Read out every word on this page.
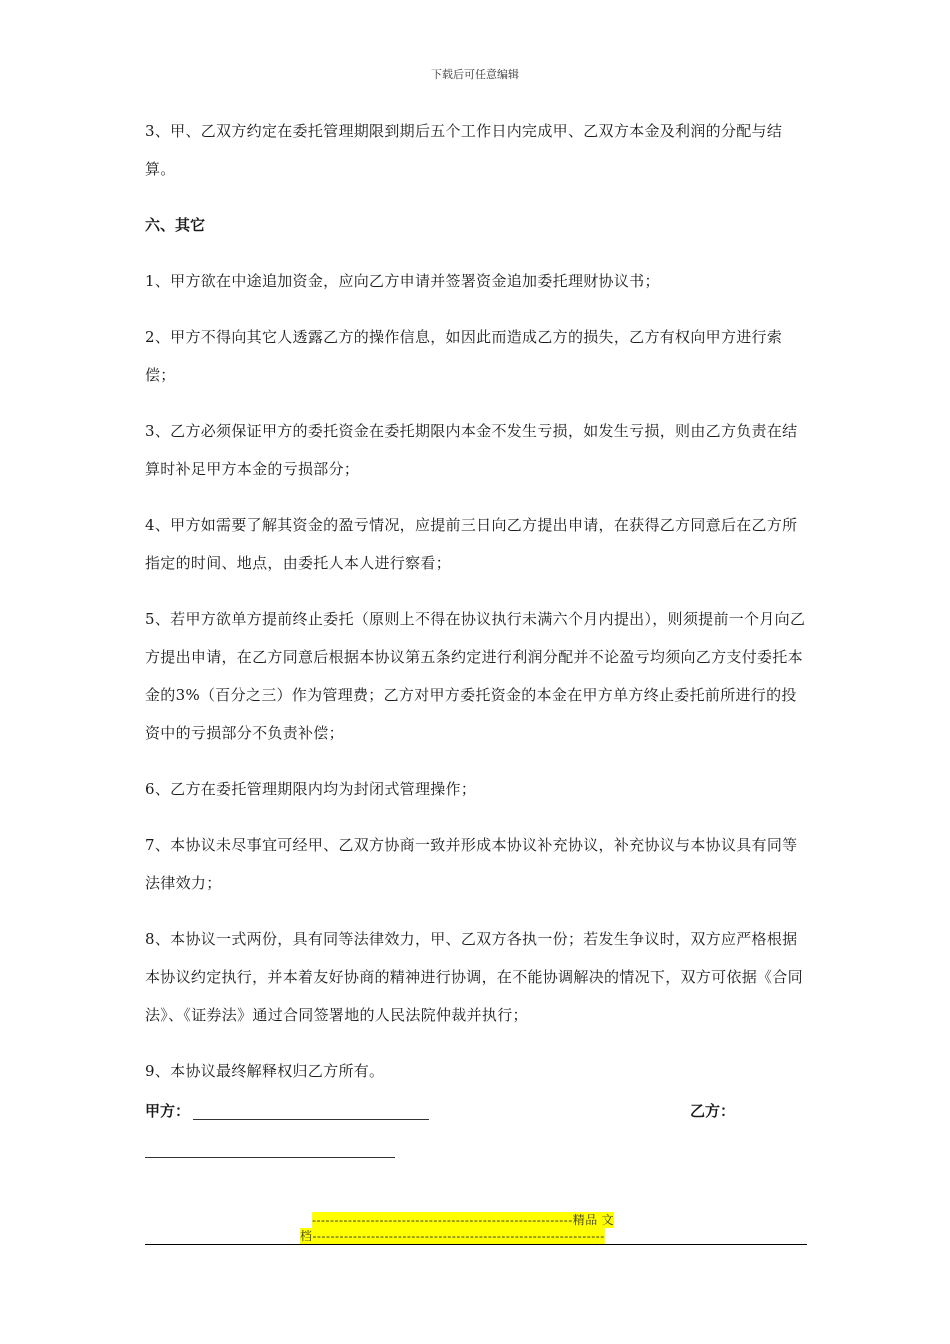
下载后可任意编辑

3、甲、乙双方约定在委托管理期限到期后五个工作日内完成甲、乙双方本金及利润的分配与结算。

六、其它

1、甲方欲在中途追加资金，应向乙方申请并签署资金追加委托理财协议书；

2、甲方不得向其它人透露乙方的操作信息，如因此而造成乙方的损失，乙方有权向甲方进行索偿；

3、乙方必须保证甲方的委托资金在委托期限内本金不发生亏损，如发生亏损，则由乙方负责在结算时补足甲方本金的亏损部分；

4、甲方如需要了解其资金的盈亏情况，应提前三日向乙方提出申请，在获得乙方同意后在乙方所指定的时间、地点，由委托人本人进行察看；

5、若甲方欲单方提前终止委托（原则上不得在协议执行未满六个月内提出），则须提前一个月向乙方提出申请，在乙方同意后根据本协议第五条约定进行利润分配并不论盈亏均须向乙方支付委托本金的3%（百分之三）作为管理费；乙方对甲方委托资金的本金在甲方单方终止委托前所进行的投资中的亏损部分不负责补偿；

6、乙方在委托管理期限内均为封闭式管理操作；

7、本协议未尽事宜可经甲、乙双方协商一致并形成本协议补充协议，补充协议与本协议具有同等法律效力；

8、本协议一式两份，具有同等法律效力，甲、乙双方各执一份；若发生争议时，双方应严格根据本协议约定执行，并本着友好协商的精神进行协调，在不能协调解决的情况下，双方可依据《合同法》、《证券法》通过合同签署地的人民法院仲裁并执行；

9、本协议最终解释权归乙方所有。

甲方：	乙方：
----------------------------------------------------------精品 文
档-----------------------------------------------------------------
